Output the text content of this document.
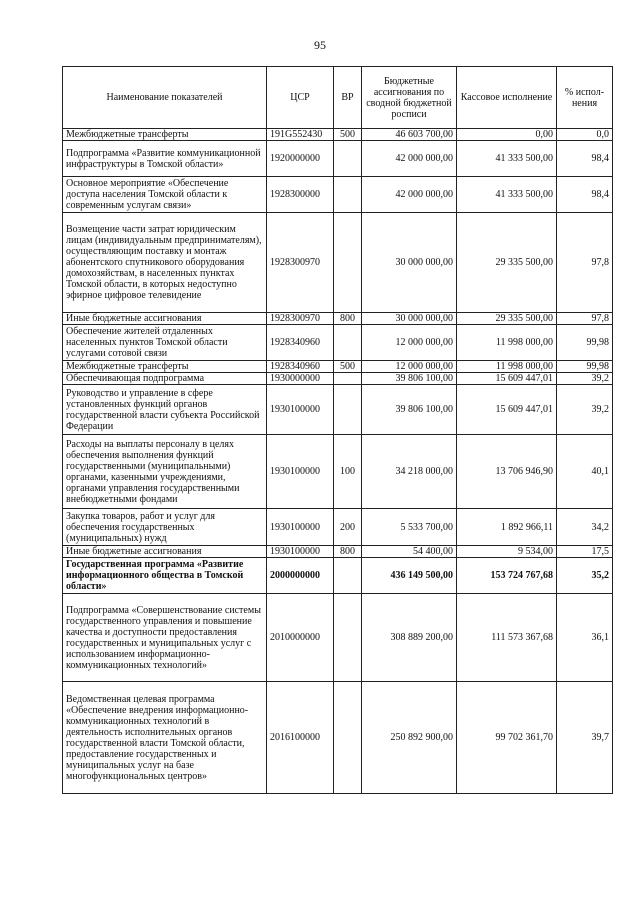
95
Наименование показателей	ЦСР	ВР	Бюджетные ассигнования по сводной бюджетной росписи	Кассовое исполнение	% испол- нения
Межбюджетные трансферты	191G552430	500	46 603 700,00	0,00	0,0
Подпрограмма «Развитие коммуникационной инфраструктуры в Томской области»	1920000000		42 000 000,00	41 333 500,00	98,4
Основное мероприятие «Обеспечение доступа населения Томской области к современным услугам связи»	1928300000		42 000 000,00	41 333 500,00	98,4
Возмещение части затрат юридическим лицам (индивидуальным предпринимателям), осуществляющим поставку и монтаж абонентского спутникового оборудования домохозяйствам, в населенных пунктах Томской области, в которых недоступно эфирное цифровое телевидение	1928300970		30 000 000,00	29 335 500,00	97,8
Иные бюджетные ассигнования	1928300970	800	30 000 000,00	29 335 500,00	97,8
Обеспечение жителей отдаленных населенных пунктов Томской области услугами сотовой связи	1928340960		12 000 000,00	11 998 000,00	99,98
Межбюджетные трансферты	1928340960	500	12 000 000,00	11 998 000,00	99,98
Обеспечивающая подпрограмма	1930000000		39 806 100,00	15 609 447,01	39,2
Руководство и управление в сфере установленных функций органов государственной власти субъекта Российской Федерации	1930100000		39 806 100,00	15 609 447,01	39,2
Расходы на выплаты персоналу в целях обеспечения выполнения функций государственными (муниципальными) органами, казенными учреждениями, органами управления государственными внебюджетными фондами	1930100000	100	34 218 000,00	13 706 946,90	40,1
Закупка товаров, работ и услуг для обеспечения государственных (муниципальных) нужд	1930100000	200	5 533 700,00	1 892 966,11	34,2
Иные бюджетные ассигнования	1930100000	800	54 400,00	9 534,00	17,5
Государственная программа «Развитие информационного общества в Томской области»	2000000000		436 149 500,00	153 724 767,68	35,2
Подпрограмма «Совершенствование системы государственного управления и повышение качества и доступности предоставления государственных и муниципальных услуг с использованием информационно-коммуникационных технологий»	2010000000		308 889 200,00	111 573 367,68	36,1
Ведомственная целевая программа «Обеспечение внедрения информационно-коммуникационных технологий в деятельность исполнительных органов государственной власти Томской области, предоставление государственных и муниципальных услуг на базе многофункциональных центров»	2016100000		250 892 900,00	99 702 361,70	39,7
